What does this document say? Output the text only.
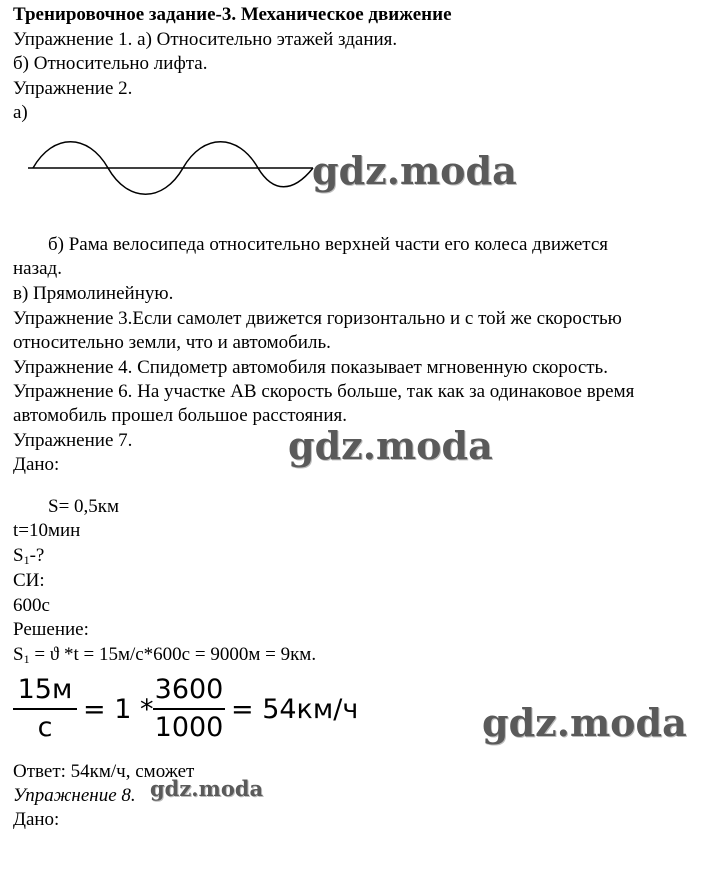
Тренировочное задание-3. Механическое движение
Упражнение 1. а) Относительно этажей здания.
б) Относительно лифта.
Упражнение 2.
а)
gdz.moda
б) Рама велосипеда относительно верхней части его колеса движется
назад.
в) Прямолинейную.
Упражнение 3.Если самолет движется горизонтально и с той же скоростью
относительно земли, что и автомобиль.
Упражнение 4. Спидометр автомобиля показывает мгновенную скорость.
Упражнение 6. На участке АВ скорость больше, так как за одинаковое время
автомобиль прошел большое расстояния.
Упражнение 7.	gdz.moda
Дано:
S= 0,5км
t=10мин
$S_1-$?
СИ:
600с
Решение:
$S_1 = ϑ$ *t = 15м/с*600с = 9000м = 9км.
15м
с
= 1 *
3600
1000
= 54км/ч	gdz.moda
Ответ: 54км/ч, сможет
Упражнение 8. gdz.moda
Дано:
